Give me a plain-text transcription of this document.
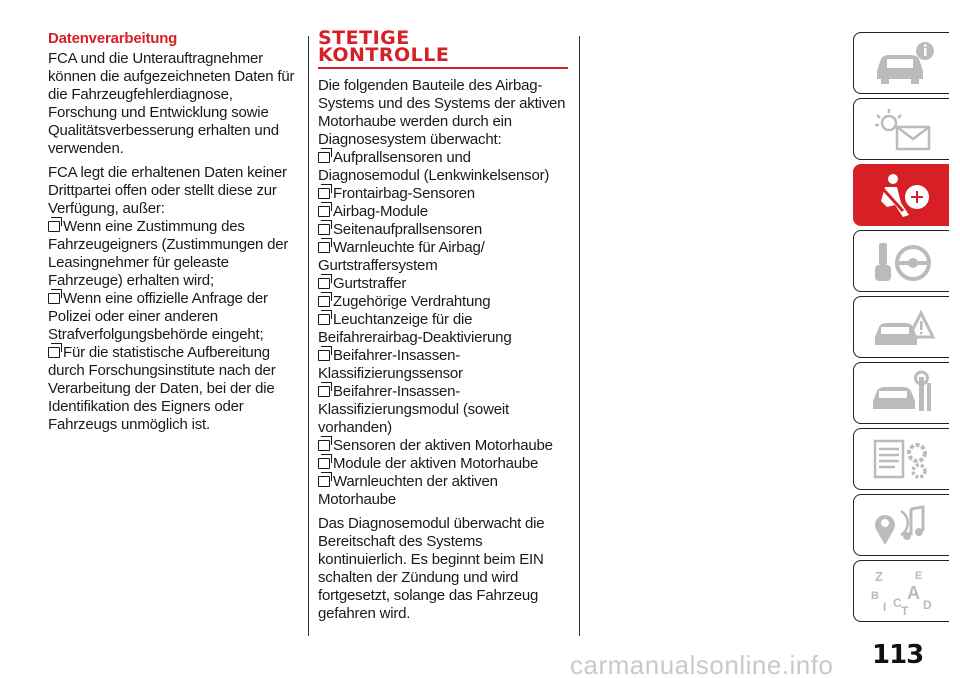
Datenverarbeitung

FCA und die Unterauftragnehmer können die aufgezeichneten Daten für die Fahrzeugfehlerdiagnose, Forschung und Entwicklung sowie Qualitätsverbesserung erhalten und verwenden.

FCA legt die erhaltenen Daten keiner Drittpartei offen oder stellt diese zur Verfügung, außer:

Wenn eine Zustimmung des Fahrzeugeigners (Zustimmungen der Leasingnehmer für geleaste Fahrzeuge) erhalten wird;
Wenn eine offizielle Anfrage der Polizei oder einer anderen Strafverfolgungsbehörde eingeht;
Für die statistische Aufbereitung durch Forschungsinstitute nach der Verarbeitung der Daten, bei der die Identifikation des Eigners oder Fahrzeugs unmöglich ist.
STETIGE
KONTROLLE

Die folgenden Bauteile des Airbag-Systems und des Systems der aktiven Motorhaube werden durch ein Diagnosesystem überwacht:

Aufprallsensoren und Diagnosemodul (Lenkwinkelsensor)
Frontairbag-Sensoren
Airbag-Module
Seitenaufprallsensoren
Warnleuchte für Airbag/ Gurtstraffersystem
Gurtstraffer
Zugehörige Verdrahtung
Leuchtanzeige für die Beifahrerairbag-Deaktivierung
Beifahrer-Insassen-Klassifizierungssensor
Beifahrer-Insassen-Klassifizierungsmodul (soweit vorhanden)
Sensoren der aktiven Motorhaube
Module der aktiven Motorhaube
Warnleuchten der aktiven Motorhaube

Das Diagnosemodul überwacht die Bereitschaft des Systems kontinuierlich. Es beginnt beim EIN schalten der Zündung und wird fortgesetzt, solange das Fahrzeug gefahren wird.

Z	E
B A
C D
I T
113
carmanualsonline.info
